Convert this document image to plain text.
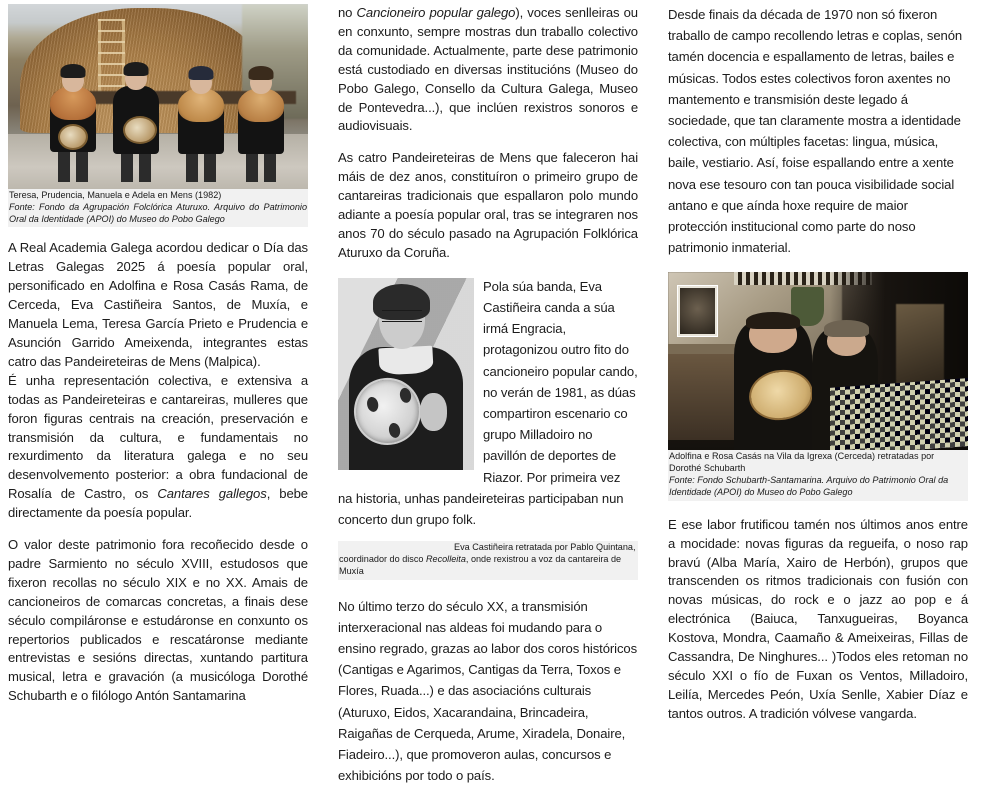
Teresa, Prudencia, Manuela e Adela en Mens (1982)
Fonte: Fondo da Agrupación Folclórica Aturuxo. Arquivo do Patrimonio Oral da Identidade (APOI) do Museo do Pobo Galego

A Real Academia Galega acordou dedicar o Día das Letras Galegas 2025 á poesía popular oral, personificado en Adolfina e Rosa Casás Rama, de Cerceda, Eva Castiñeira Santos, de Muxía, e Manuela Lema, Teresa García Prieto e Prudencia e Asunción Garrido Ameixenda, integrantes estas catro das Pandeireteiras de Mens (Malpica).

É unha representación colectiva, e extensiva a todas as Pandeireteiras e cantareiras, mulleres que foron figuras centrais na creación, preservación e transmisión da cultura, e fundamentais no rexurdimento da literatura galega e no seu desenvolvemento posterior: a obra fundacional de Rosalía de Castro, os Cantares gallegos, bebe directamente da poesía popular.

O valor deste patrimonio fora recoñecido desde o padre Sarmiento no século XVIII, estudosos que fixeron recollas no século XIX e no XX. Amais de cancioneiros de comarcas concretas, a finais dese século compiláronse e estudáronse en conxunto os repertorios publicados e rescatáronse mediante entrevistas e sesións directas, xuntando partitura musical, letra e gravación (a musicóloga Dorothé Schubarth e o filólogo Antón Santamarina

no Cancioneiro popular galego), voces senlleiras ou en conxunto, sempre mostras dun traballo colectivo da comunidade. Actualmente, parte dese patrimonio está custodiado en diversas institucións (Museo do Pobo Galego, Consello da Cultura Galega, Museo de Pontevedra...), que inclúen rexistros sonoros e audiovisuais.

As catro Pandeireteiras de Mens que faleceron hai máis de dez anos, constituíron o primeiro grupo de cantareiras tradicionais que espallaron polo mundo adiante a poesía popular oral, tras se integraren nos anos 70 do século pasado na Agrupación Folklórica Aturuxo da Coruña.

Pola súa banda, Eva Castiñeira canda a súa irmá Engracia, protagonizou outro fito do cancioneiro popular cando, no verán de 1981, as dúas compartiron escenario co grupo Milladoiro no pavillón de deportes de Riazor. Por primeira vez na historia, unhas pandeireteiras participaban nun concerto dun grupo folk.

Eva Castiñeira retratada por Pablo Quintana, coordinador do disco Recolleita, onde rexistrou a voz da cantareira de Muxía

No último terzo do século XX, a transmisión interxeracional nas aldeas foi mudando para o ensino regrado, grazas ao labor dos coros históricos (Cantigas e Agarimos, Cantigas da Terra, Toxos e Flores, Ruada...) e das asociacións culturais (Aturuxo, Eidos, Xacarandaina, Brincadeira, Raigañas de Cerqueda, Arume, Xiradela, Donaire, Fiadeiro...), que promoveron aulas, concursos e exhibicións por todo o país.

Desde finais da década de 1970 non só fixeron traballo de campo recollendo letras e coplas, senón tamén docencia e espallamento de letras, bailes e músicas. Todos estes colectivos foron axentes no mantemento e transmisión deste legado á sociedade, que tan claramente mostra a identidade colectiva, con múltiples facetas: lingua, música, baile, vestiario. Así, foise espallando entre a xente nova ese tesouro con tan pouca visibilidade social antano e que aínda hoxe require de maior protección institucional como parte do noso patrimonio inmaterial.

Adolfina e Rosa Casás na Vila da Igrexa (Cerceda) retratadas por Dorothé Schubarth
Fonte: Fondo Schubarth-Santamarina. Arquivo do Patrimonio Oral da Identidade (APOI) do Museo do Pobo Galego

E ese labor frutificou tamén nos últimos anos entre a mocidade: novas figuras da regueifa, o noso rap bravú (Alba María, Xairo de Herbón), grupos que transcenden os ritmos tradicionais con fusión con novas músicas, do rock e o jazz ao pop e á electrónica (Baiuca, Tanxugueiras, Boyanca Kostova, Mondra, Caamaño & Ameixeiras, Fillas de Cassandra, De Ninghures... )Todos eles retoman no século XXI o fío de Fuxan os Ventos, Milladoiro, Leilía, Mercedes Peón, Uxía Senlle, Xabier Díaz e tantos outros. A tradición vólvese vangarda.
